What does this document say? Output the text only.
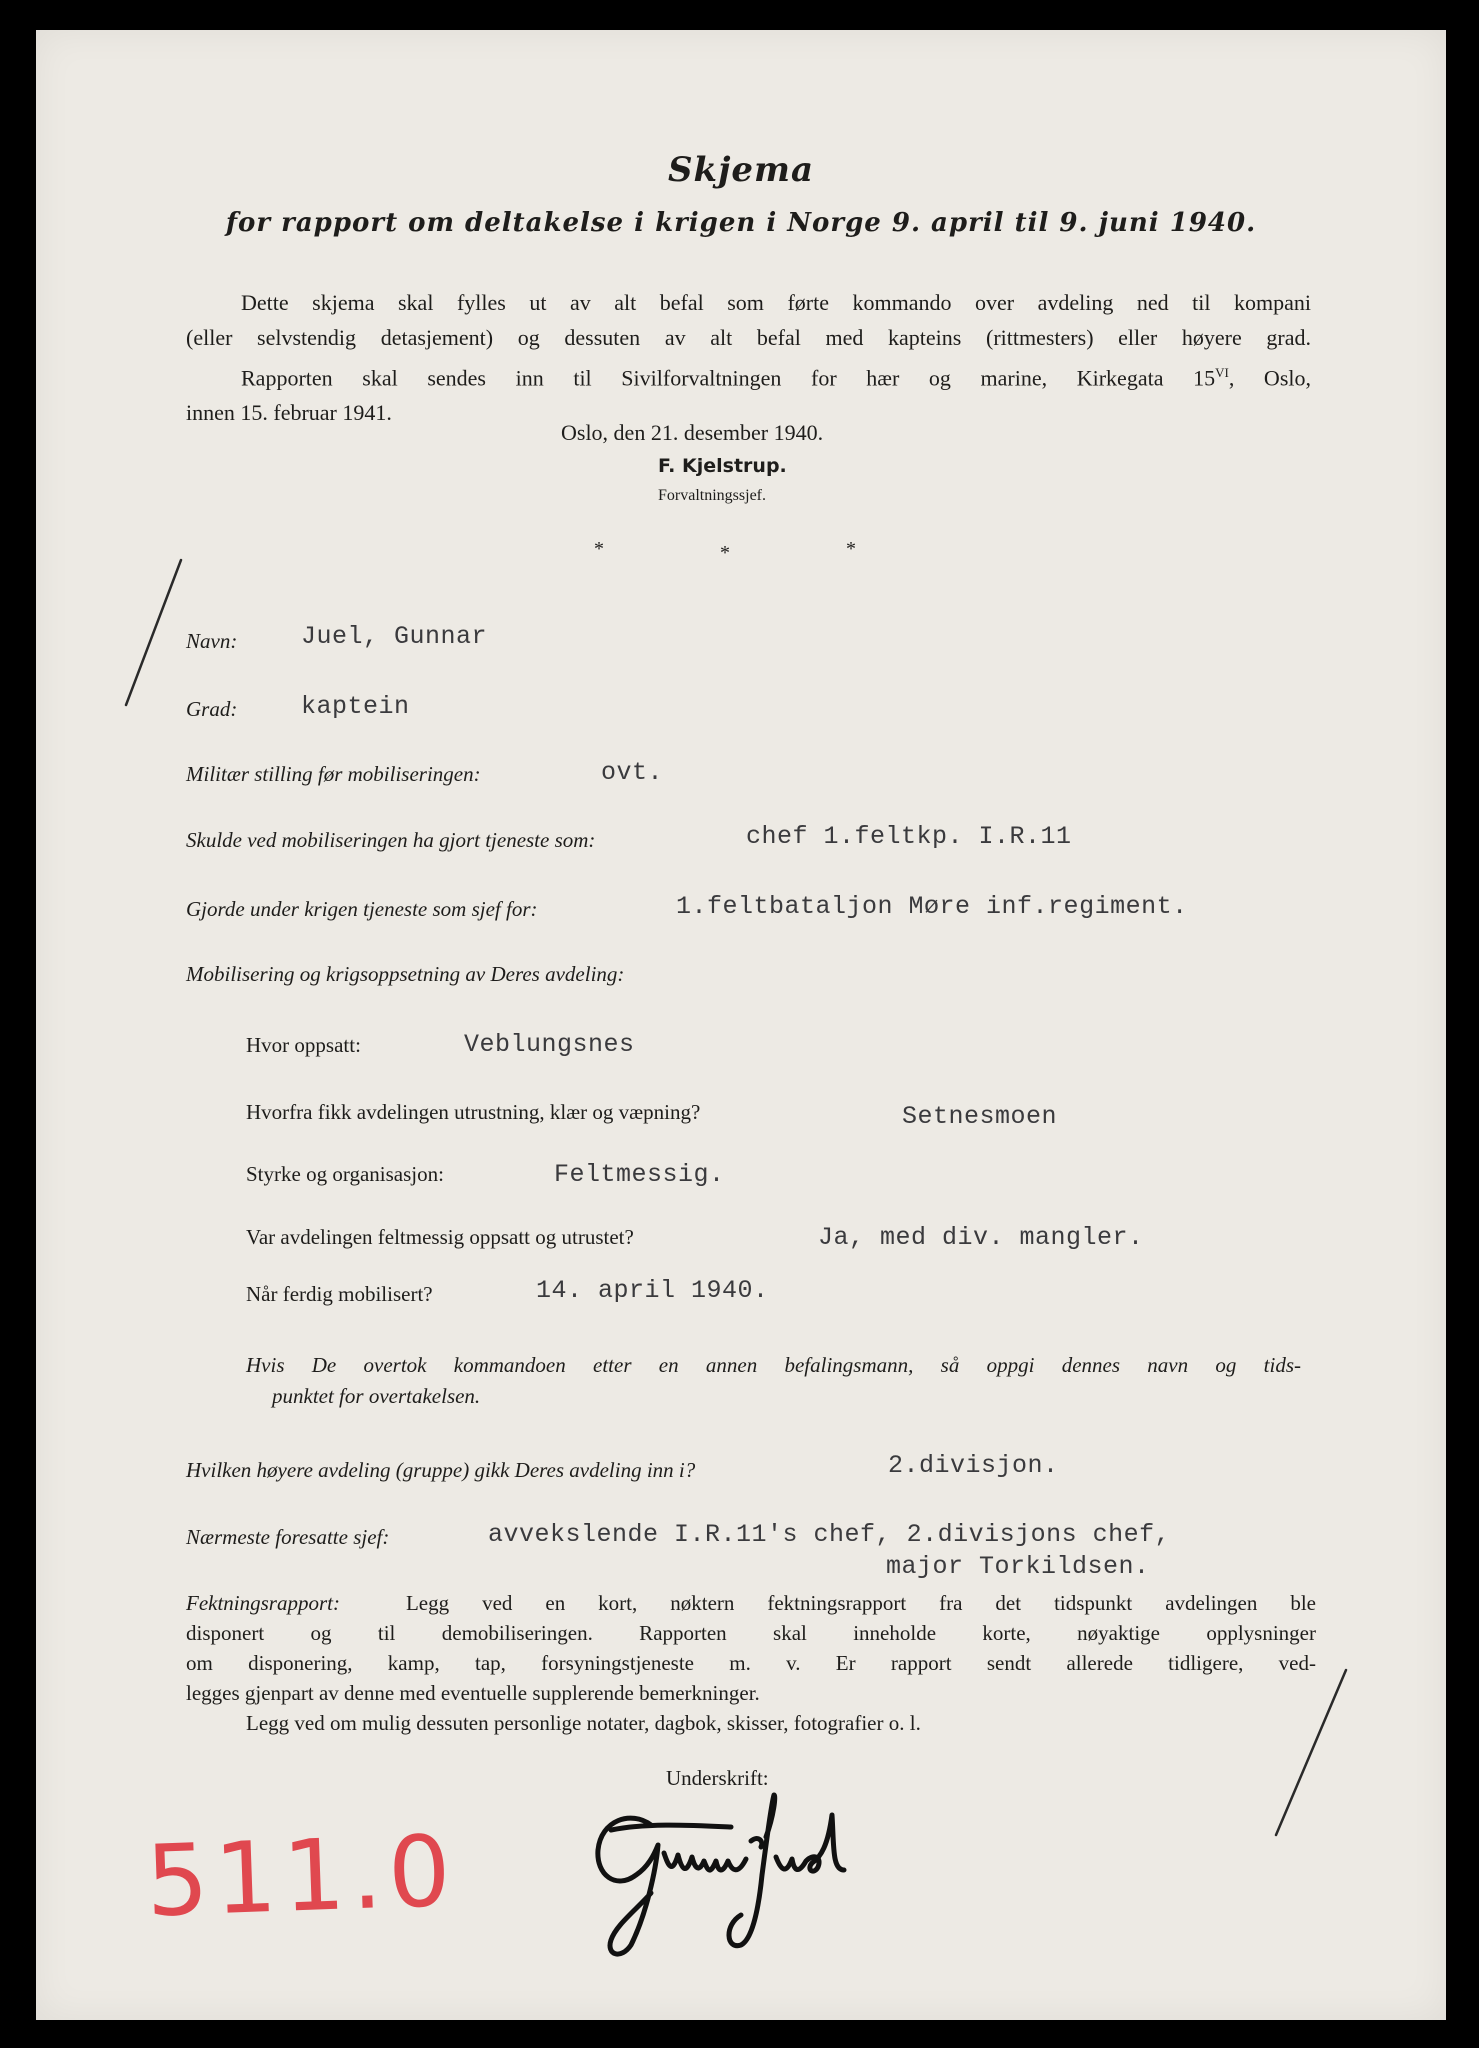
Skjema
for rapport om deltakelse i krigen i Norge 9. april til 9. juni 1940.
Dette skjema skal fylles ut av alt befal som førte kommando over avdeling ned til kompani
(eller selvstendig detasjement) og dessuten av alt befal med kapteins (rittmesters) eller høyere grad.
Rapporten skal sendes inn til Sivilforvaltningen for hær og marine, Kirkegata $15^{VI}$, Oslo,
innen 15. februar 1941.
Oslo, den 21. desember 1940.
F. Kjelstrup.
Forvaltningssjef.
*	*	*
Navn:	Juel, Gunnar
Grad:	kaptein
Militær stilling før mobiliseringen:	ovt.
Skulde ved mobiliseringen ha gjort tjeneste som:	chef 1.feltkp. I.R.11
Gjorde under krigen tjeneste som sjef for:	1.feltbataljon Møre inf.regiment.
Mobilisering og krigsoppsetning av Deres avdeling:
Hvor oppsatt:	Veblungsnes
Hvorfra fikk avdelingen utrustning, klær og væpning?	Setnesmoen
Styrke og organisasjon:	Feltmessig.
Var avdelingen feltmessig oppsatt og utrustet?	Ja, med div. mangler.
Når ferdig mobilisert?	14. april 1940.
Hvis De overtok kommandoen etter en annen befalingsmann, så oppgi dennes navn og tids-
punktet for overtakelsen.
Hvilken høyere avdeling (gruppe) gikk Deres avdeling inn i?	2.divisjon.
Nærmeste foresatte sjef:	avvekslende I.R.11's chef, 2.divisjons chef,
major Torkildsen.
Fektningsrapport:	Legg ved en kort, nøktern fektningsrapport fra det tidspunkt avdelingen ble
disponert og til demobiliseringen. Rapporten skal inneholde korte, nøyaktige opplysninger
om disponering, kamp, tap, forsyningstjeneste m. v. Er rapport sendt allerede tidligere, ved-
legges gjenpart av denne med eventuelle supplerende bemerkninger.
Legg ved om mulig dessuten personlige notater, dagbok, skisser, fotografier o. l.
Underskrift:
511.0
